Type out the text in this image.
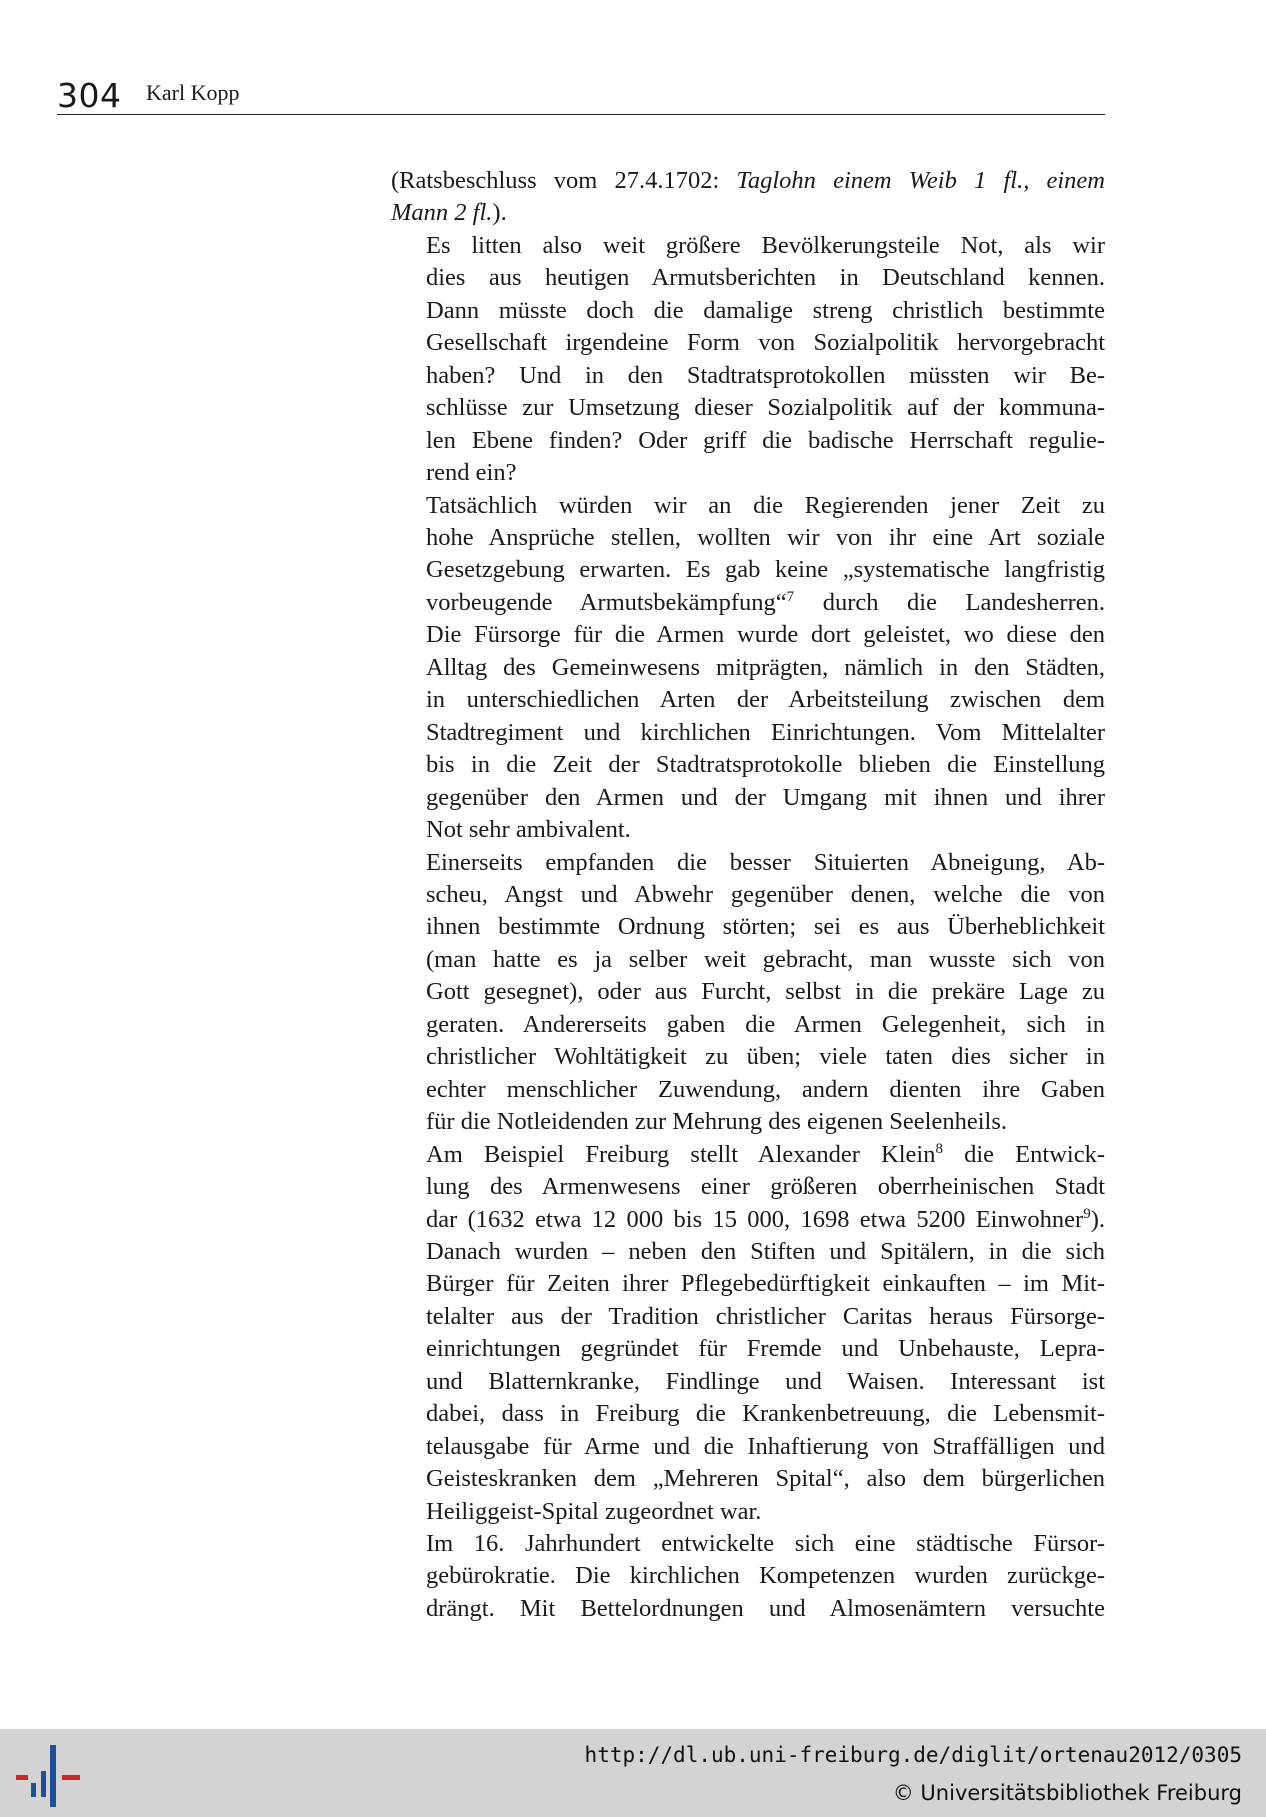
304 Karl Kopp

(Ratsbeschluss vom 27.4.1702: Taglohn einem Weib 1 fl., einem
Mann 2 fl.).

Es litten also weit größere Bevölkerungsteile Not, als wir
dies aus heutigen Armutsberichten in Deutschland kennen.
Dann müsste doch die damalige streng christlich bestimmte
Gesellschaft irgendeine Form von Sozialpolitik hervorgebracht
haben? Und in den Stadtratsprotokollen müssten wir Be-
schlüsse zur Umsetzung dieser Sozialpolitik auf der kommuna-
len Ebene finden? Oder griff die badische Herrschaft regulie-
rend ein?

Tatsächlich würden wir an die Regierenden jener Zeit zu
hohe Ansprüche stellen, wollten wir von ihr eine Art soziale
Gesetzgebung erwarten. Es gab keine „systematische langfristig
vorbeugende Armutsbekämpfung“$^7$ durch die Landesherren.
Die Fürsorge für die Armen wurde dort geleistet, wo diese den
Alltag des Gemeinwesens mitprägten, nämlich in den Städten,
in unterschiedlichen Arten der Arbeitsteilung zwischen dem
Stadtregiment und kirchlichen Einrichtungen. Vom Mittelalter
bis in die Zeit der Stadtratsprotokolle blieben die Einstellung
gegenüber den Armen und der Umgang mit ihnen und ihrer
Not sehr ambivalent.

Einerseits empfanden die besser Situierten Abneigung, Ab-
scheu, Angst und Abwehr gegenüber denen, welche die von
ihnen bestimmte Ordnung störten; sei es aus Überheblichkeit
(man hatte es ja selber weit gebracht, man wusste sich von
Gott gesegnet), oder aus Furcht, selbst in die prekäre Lage zu
geraten. Andererseits gaben die Armen Gelegenheit, sich in
christlicher Wohltätigkeit zu üben; viele taten dies sicher in
echter menschlicher Zuwendung, andern dienten ihre Gaben
für die Notleidenden zur Mehrung des eigenen Seelenheils.

Am Beispiel Freiburg stellt Alexander Klein$^8$ die Entwick-
lung des Armenwesens einer größeren oberrheinischen Stadt
dar (1632 etwa 12 000 bis 15 000, 1698 etwa 5200 Einwohner$^9$).
Danach wurden – neben den Stiften und Spitälern, in die sich
Bürger für Zeiten ihrer Pflegebedürftigkeit einkauften – im Mit-
telalter aus der Tradition christlicher Caritas heraus Fürsorge-
einrichtungen gegründet für Fremde und Unbehauste, Lepra-
und Blatternkranke, Findlinge und Waisen. Interessant ist
dabei, dass in Freiburg die Krankenbetreuung, die Lebensmit-
telausgabe für Arme und die Inhaftierung von Straffälligen und
Geisteskranken dem „Mehreren Spital“, also dem bürgerlichen
Heiliggeist-Spital zugeordnet war.

Im 16. Jahrhundert entwickelte sich eine städtische Fürsor-
gebürokratie. Die kirchlichen Kompetenzen wurden zurückge-
drängt. Mit Bettelordnungen und Almosenämtern versuchte

http://dl.ub.uni-freiburg.de/diglit/ortenau2012/0305
© Universitätsbibliothek Freiburg
